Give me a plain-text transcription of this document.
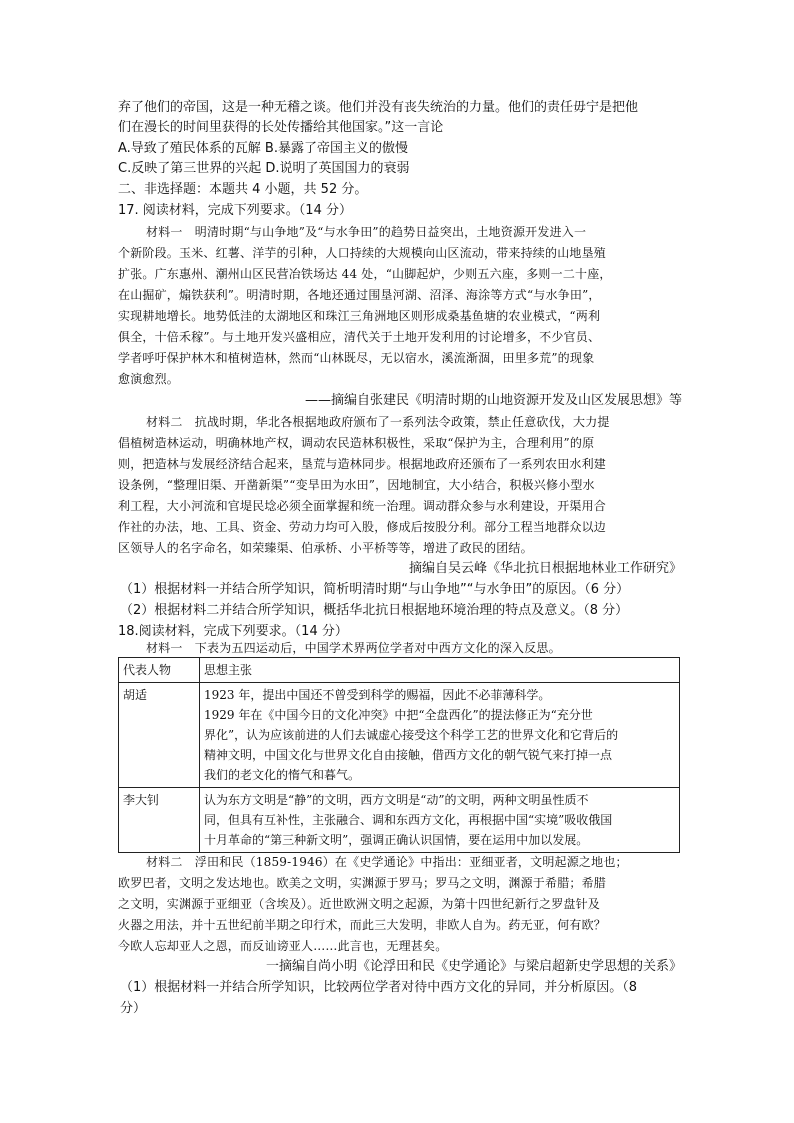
弃了他们的帝国，这是一种无稽之谈。他们并没有丧失统治的力量。他们的责任毋宁是把他
们在漫长的时间里获得的长处传播给其他国家。”这一言论
A.导致了殖民体系的瓦解 B.暴露了帝国主义的傲慢
C.反映了第三世界的兴起 D.说明了英国国力的衰弱
二、非选择题：本题共 4 小题，共 52 分。
17. 阅读材料，完成下列要求。（14 分）
材料一　明清时期“与山争地”及“与水争田”的趋势日益突出，土地资源开发进入一
个新阶段。玉米、红薯、洋芋的引种，人口持续的大规模向山区流动，带来持续的山地垦殖
扩张。广东惠州、潮州山区民营冶铁场达 44 处，“山脚起炉，少则五六座，多则一二十座，
在山掘矿，煽铁获利”。明清时期，各地还通过围垦河湖、沼泽、海涂等方式“与水争田”，
实现耕地增长。地势低洼的太湖地区和珠江三角洲地区则形成桑基鱼塘的农业模式，“两利
俱全，十倍禾稼”。与土地开发兴盛相应，清代关于土地开发利用的讨论增多，不少官员、
学者呼吁保护林木和植树造林，然而“山林既尽，无以宿水，溪流渐涸，田里多荒”的现象
愈演愈烈。
——摘编自张建民《明清时期的山地资源开发及山区发展思想》等
材料二　抗战时期，华北各根据地政府颁布了一系列法令政策，禁止任意砍伐，大力提
倡植树造林运动，明确林地产权，调动农民造林积极性，采取“保护为主，合理利用”的原
则，把造林与发展经济结合起来，垦荒与造林同步。根据地政府还颁布了一系列农田水利建
设条例，“整理旧渠、开凿新渠”“变旱田为水田”，因地制宜，大小结合，积极兴修小型水
利工程，大小河流和官堤民埝必须全面掌握和统一治理。调动群众参与水利建设，开渠用合
作社的办法，地、工具、资金、劳动力均可入股，修成后按股分利。部分工程当地群众以边
区领导人的名字命名，如荣臻渠、伯承桥、小平桥等等，增进了政民的团结。
摘编自吴云峰《华北抗日根据地林业工作研究》
（1）根据材料一并结合所学知识，简析明清时期“与山争地”“与水争田”的原因。（6 分）
（2）根据材料二并结合所学知识，概括华北抗日根据地环境治理的特点及意义。（8 分）
18.阅读材料，完成下列要求。（14 分）
材料一　下表为五四运动后，中国学术界两位学者对中西方文化的深入反思。
代表人物	思想主张
胡适	1923 年，提出中国还不曾受到科学的赐福，因此不必菲薄科学。
1929 年在《中国今日的文化冲突》中把“全盘西化”的提法修正为“充分世
界化”，认为应该前进的人们去诚虚心接受这个科学工艺的世界文化和它背后的
精神文明，中国文化与世界文化自由接触，借西方文化的朝气锐气来打掉一点
我们的老文化的惰气和暮气。

李大钊	认为东方文明是“静”的文明，西方文明是“动”的文明，两种文明虽性质不
同，但具有互补性，主张融合、调和东西方文化，再根据中国“实境”吸收俄国
十月革命的“第三种新文明”，强调正确认识国情，要在运用中加以发展。
材料二　浮田和民（1859-1946）在《史学通论》中指出：亚细亚者，文明起源之地也；
欧罗巴者，文明之发达地也。欧美之文明，实渊源于罗马；罗马之文明，渊源于希腊；希腊
之文明，实渊源于亚细亚（含埃及）。近世欧洲文明之起源，为第十四世纪新行之罗盘针及
火器之用法，并十五世纪前半期之印行术，而此三大发明，非欧人自为。药无亚，何有欧？
今欧人忘却亚人之恩，而反讪谤亚人……此言也，无理甚矣。
一摘编自尚小明《论浮田和民《史学通论》与梁启超新史学思想的关系》
（1）根据材料一并结合所学知识，比较两位学者对待中西方文化的异同，并分析原因。（8
分）
